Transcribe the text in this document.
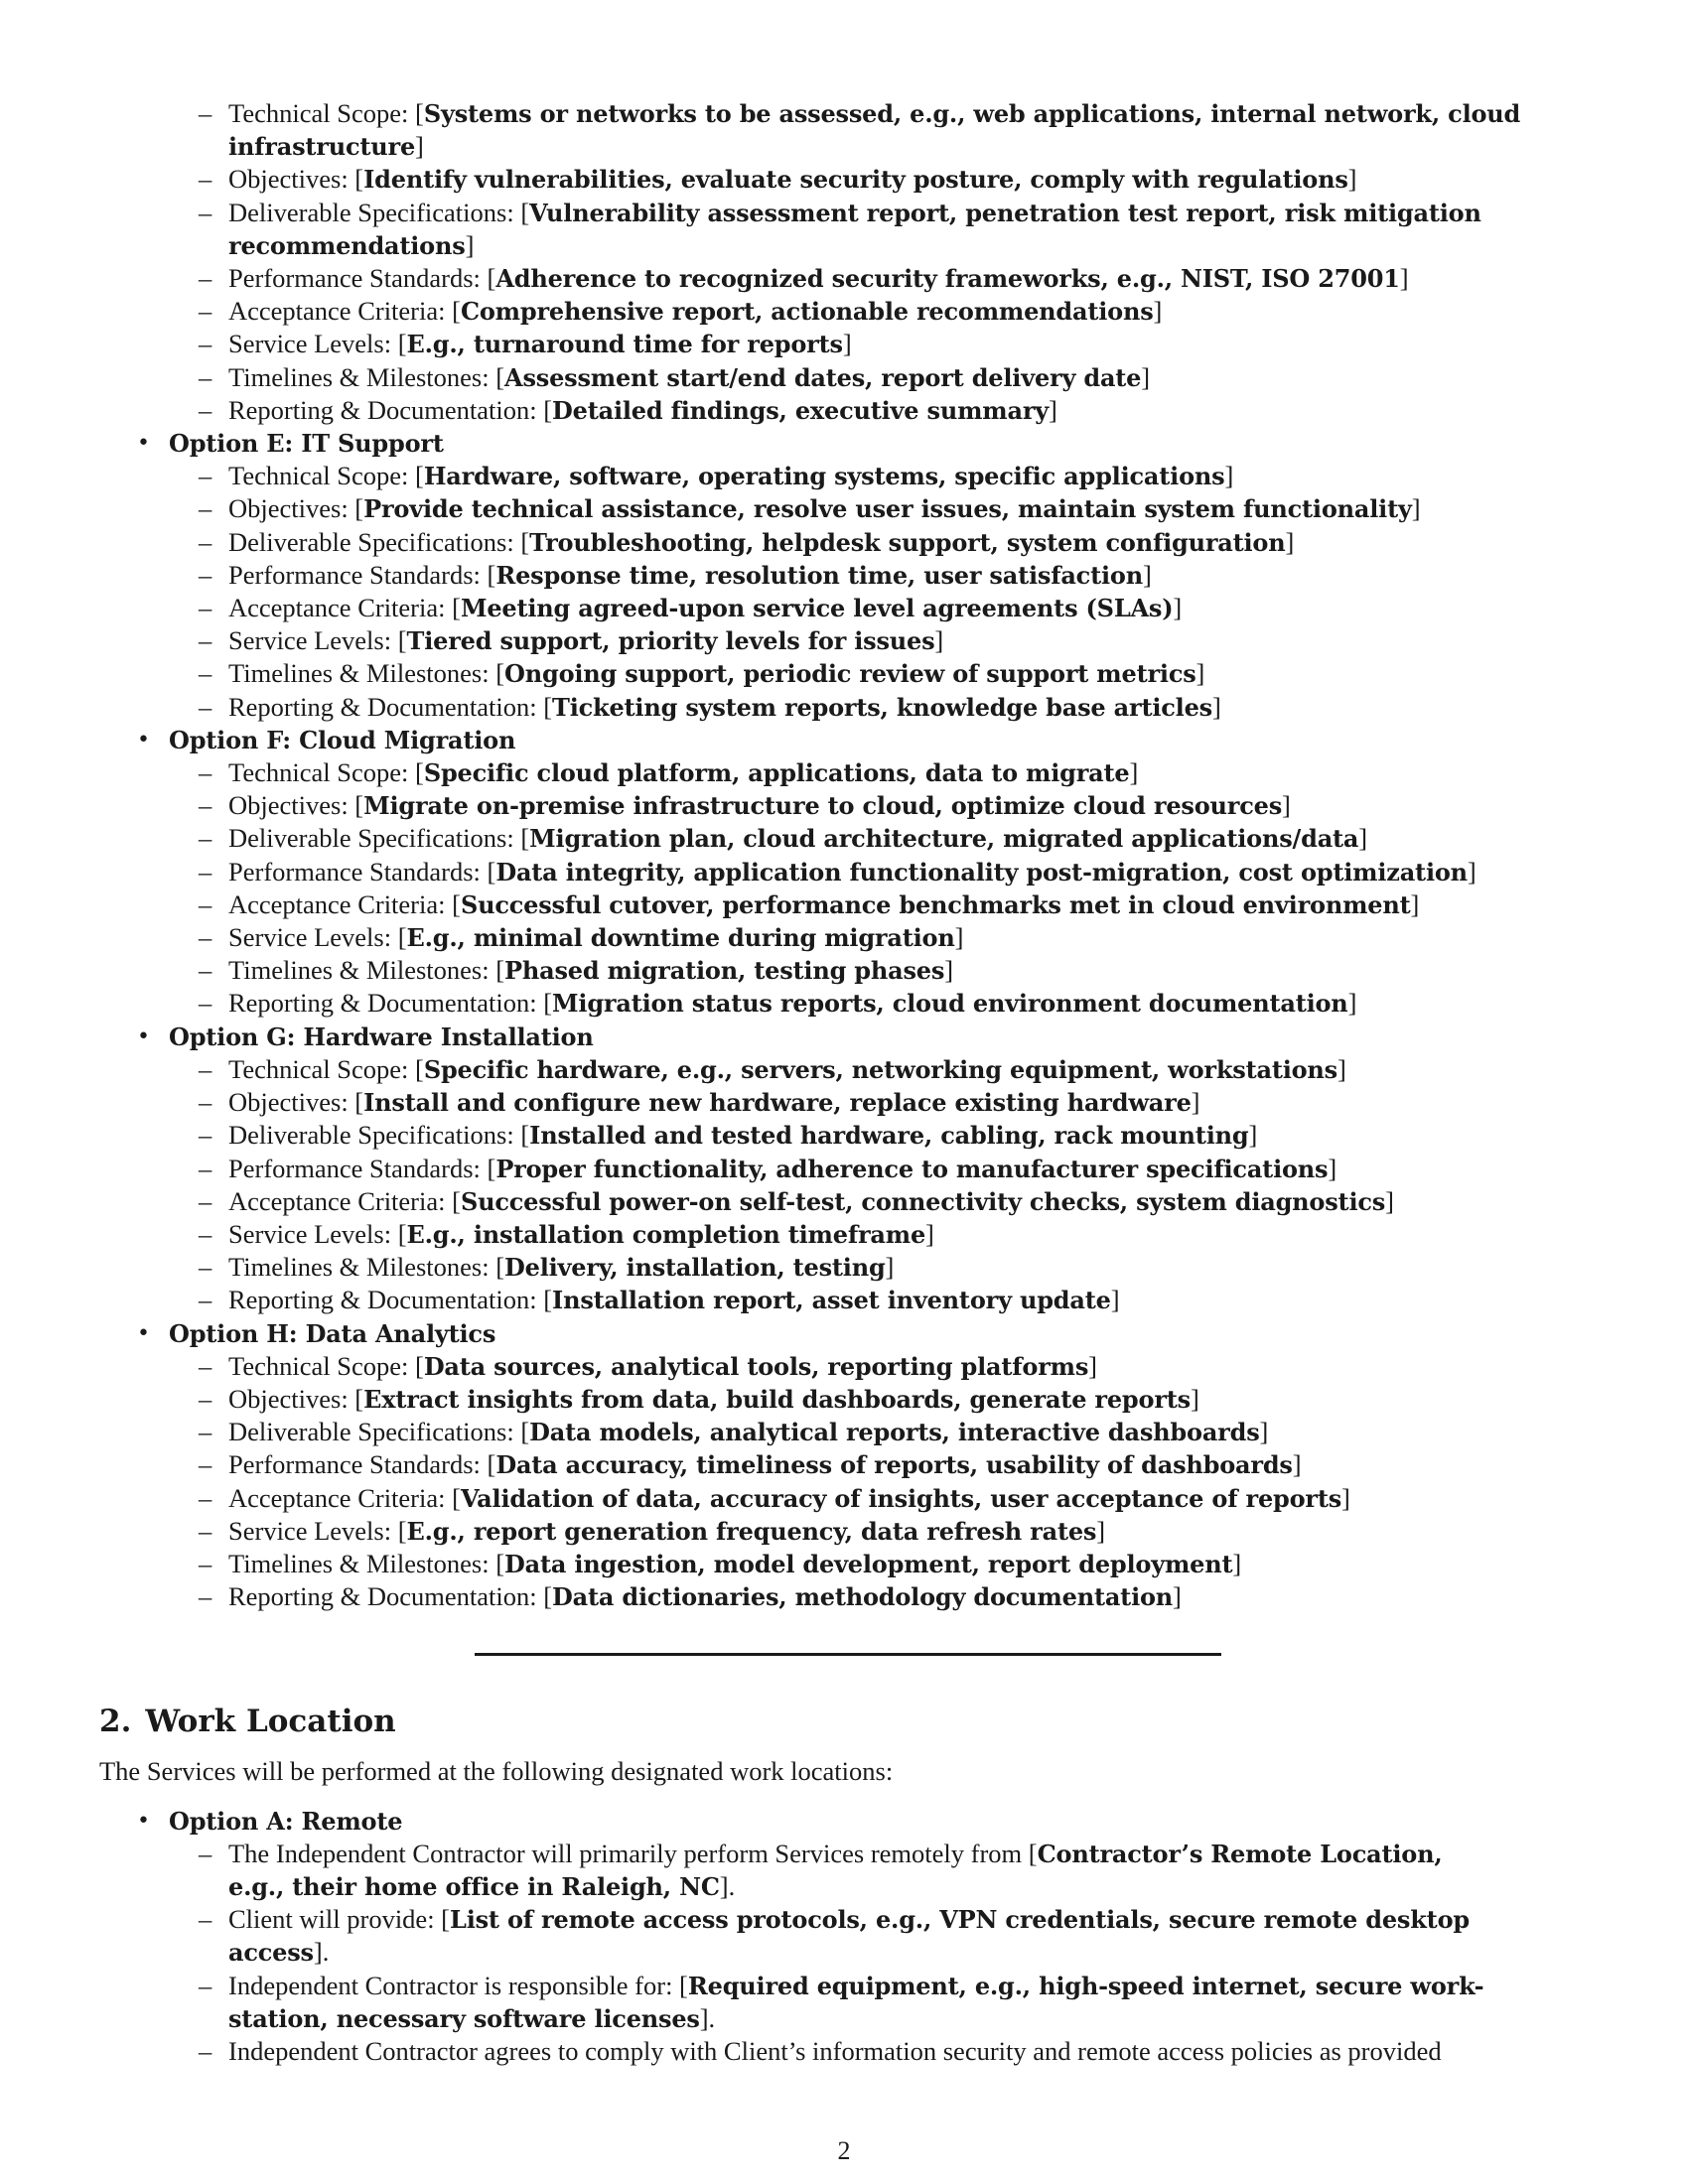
– Technical Scope: [Systems or networks to be assessed, e.g., web applications, internal network, cloud
infrastructure]
– Objectives: [Identify vulnerabilities, evaluate security posture, comply with regulations]
– Deliverable Specifications: [Vulnerability assessment report, penetration test report, risk mitigation
recommendations]
– Performance Standards: [Adherence to recognized security frameworks, e.g., NIST, ISO 27001]
– Acceptance Criteria: [Comprehensive report, actionable recommendations]
– Service Levels: [E.g., turnaround time for reports]
– Timelines & Milestones: [Assessment start/end dates, report delivery date]
– Reporting & Documentation: [Detailed findings, executive summary]
• Option E: IT Support
– Technical Scope: [Hardware, software, operating systems, specific applications]
– Objectives: [Provide technical assistance, resolve user issues, maintain system functionality]
– Deliverable Specifications: [Troubleshooting, helpdesk support, system configuration]
– Performance Standards: [Response time, resolution time, user satisfaction]
– Acceptance Criteria: [Meeting agreed-upon service level agreements (SLAs)]
– Service Levels: [Tiered support, priority levels for issues]
– Timelines & Milestones: [Ongoing support, periodic review of support metrics]
– Reporting & Documentation: [Ticketing system reports, knowledge base articles]
• Option F: Cloud Migration
– Technical Scope: [Specific cloud platform, applications, data to migrate]
– Objectives: [Migrate on-premise infrastructure to cloud, optimize cloud resources]
– Deliverable Specifications: [Migration plan, cloud architecture, migrated applications/data]
– Performance Standards: [Data integrity, application functionality post-migration, cost optimization]
– Acceptance Criteria: [Successful cutover, performance benchmarks met in cloud environment]
– Service Levels: [E.g., minimal downtime during migration]
– Timelines & Milestones: [Phased migration, testing phases]
– Reporting & Documentation: [Migration status reports, cloud environment documentation]
• Option G: Hardware Installation
– Technical Scope: [Specific hardware, e.g., servers, networking equipment, workstations]
– Objectives: [Install and configure new hardware, replace existing hardware]
– Deliverable Specifications: [Installed and tested hardware, cabling, rack mounting]
– Performance Standards: [Proper functionality, adherence to manufacturer specifications]
– Acceptance Criteria: [Successful power-on self-test, connectivity checks, system diagnostics]
– Service Levels: [E.g., installation completion timeframe]
– Timelines & Milestones: [Delivery, installation, testing]
– Reporting & Documentation: [Installation report, asset inventory update]
• Option H: Data Analytics
– Technical Scope: [Data sources, analytical tools, reporting platforms]
– Objectives: [Extract insights from data, build dashboards, generate reports]
– Deliverable Specifications: [Data models, analytical reports, interactive dashboards]
– Performance Standards: [Data accuracy, timeliness of reports, usability of dashboards]
– Acceptance Criteria: [Validation of data, accuracy of insights, user acceptance of reports]
– Service Levels: [E.g., report generation frequency, data refresh rates]
– Timelines & Milestones: [Data ingestion, model development, report deployment]
– Reporting & Documentation: [Data dictionaries, methodology documentation]
2. Work Location
The Services will be performed at the following designated work locations:
• Option A: Remote
– The Independent Contractor will primarily perform Services remotely from [Contractor’s Remote Location,
e.g., their home office in Raleigh, NC].
– Client will provide: [List of remote access protocols, e.g., VPN credentials, secure remote desktop
access].
– Independent Contractor is responsible for: [Required equipment, e.g., high-speed internet, secure work-
station, necessary software licenses].
– Independent Contractor agrees to comply with Client’s information security and remote access policies as provided
2
